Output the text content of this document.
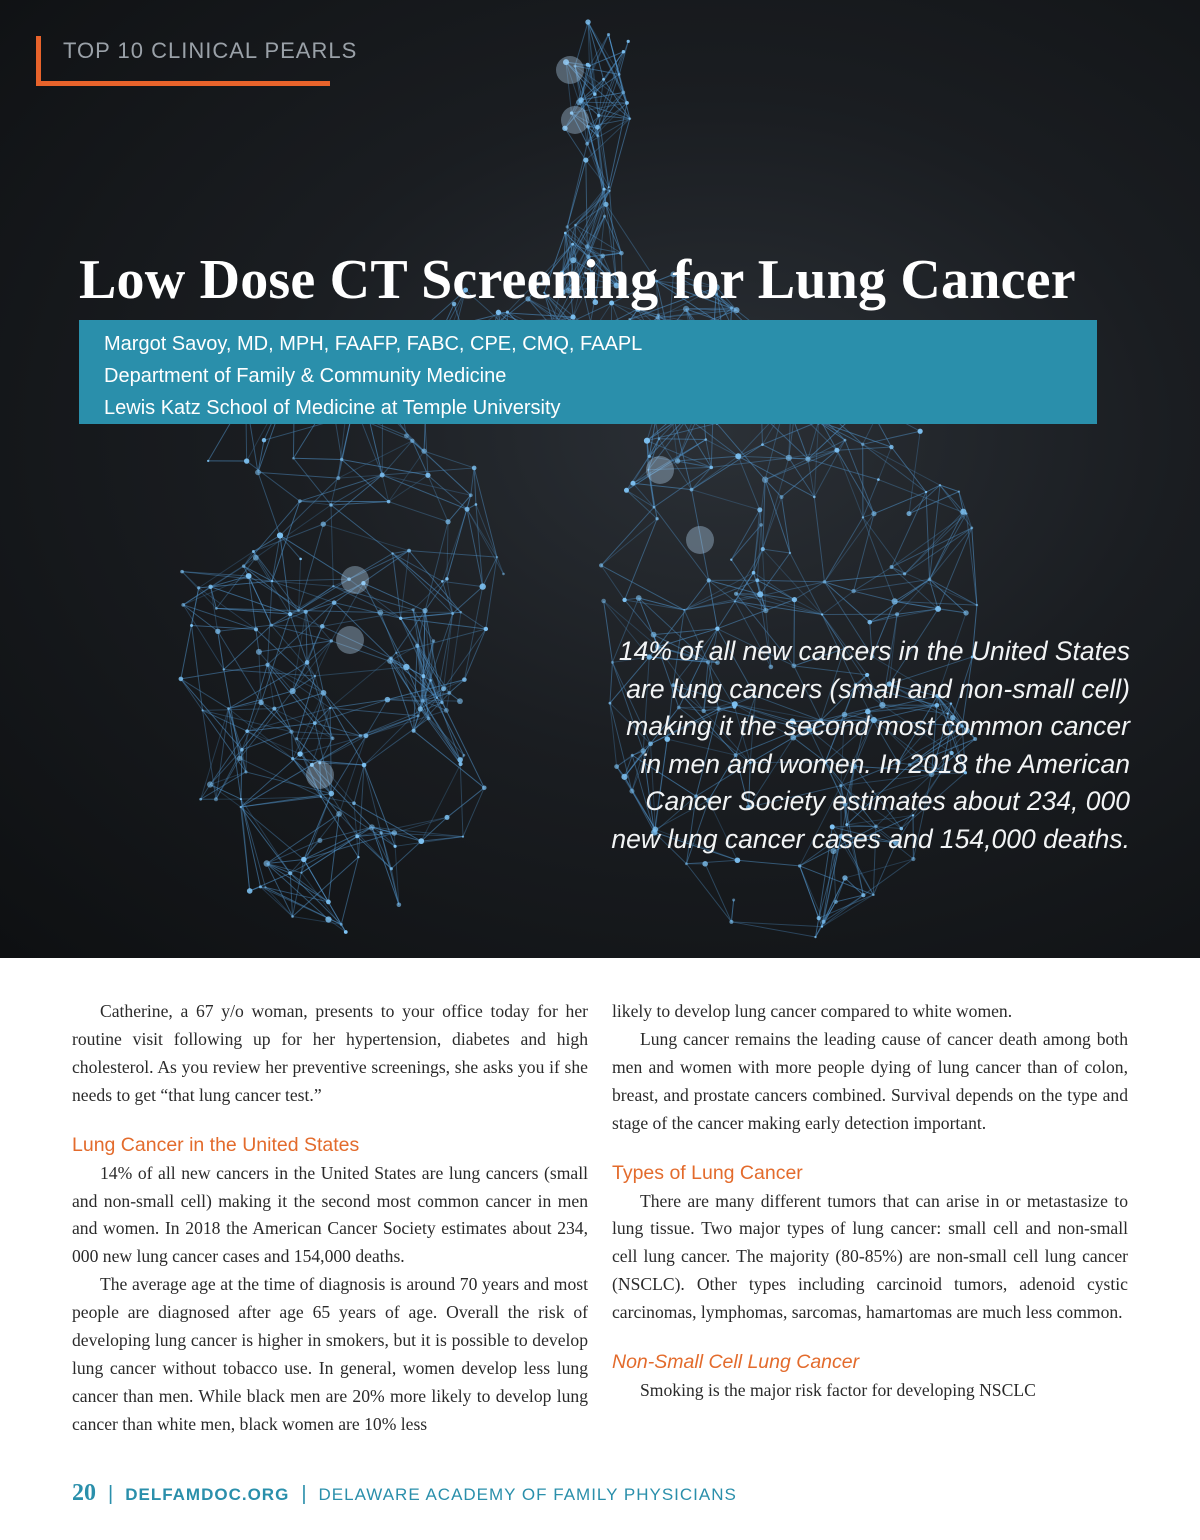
TOP 10 CLINICAL PEARLS
Low Dose CT Screening for Lung Cancer
Margot Savoy, MD, MPH, FAAFP, FABC, CPE, CMQ, FAAPL
Department of Family & Community Medicine
Lewis Katz School of Medicine at Temple University
14% of all new cancers in the United States are lung cancers (small and non-small cell) making it the second most common cancer in men and women. In 2018 the American Cancer Society estimates about 234, 000 new lung cancer cases and 154,000 deaths.

Catherine, a 67 y/o woman, presents to your office today for her routine visit following up for her hypertension, diabetes and high cholesterol. As you review her preventive screenings, she asks you if she needs to get “that lung cancer test.”

Lung Cancer in the United States

14% of all new cancers in the United States are lung cancers (small and non-small cell) making it the second most common cancer in men and women. In 2018 the American Cancer Society estimates about 234, 000 new lung cancer cases and 154,000 deaths.

The average age at the time of diagnosis is around 70 years and most people are diagnosed after age 65 years of age. Overall the risk of developing lung cancer is higher in smokers, but it is possible to develop lung cancer without tobacco use. In general, women develop less lung cancer than men. While black men are 20% more likely to develop lung cancer than white men, black women are 10% less

likely to develop lung cancer compared to white women.

Lung cancer remains the leading cause of cancer death among both men and women with more people dying of lung cancer than of colon, breast, and prostate cancers combined. Survival depends on the type and stage of the cancer making early detection important.

Types of Lung Cancer

There are many different tumors that can arise in or metastasize to lung tissue. Two major types of lung cancer: small cell and non-small cell lung cancer. The majority (80-85%) are non-small cell lung cancer (NSCLC). Other types including carcinoid tumors, adenoid cystic carcinomas, lymphomas, sarcomas, hamartomas are much less common.

Non-Small Cell Lung Cancer

Smoking is the major risk factor for developing NSCLC

20 | DELFAMDOC.ORG | DELAWARE ACADEMY OF FAMILY PHYSICIANS
